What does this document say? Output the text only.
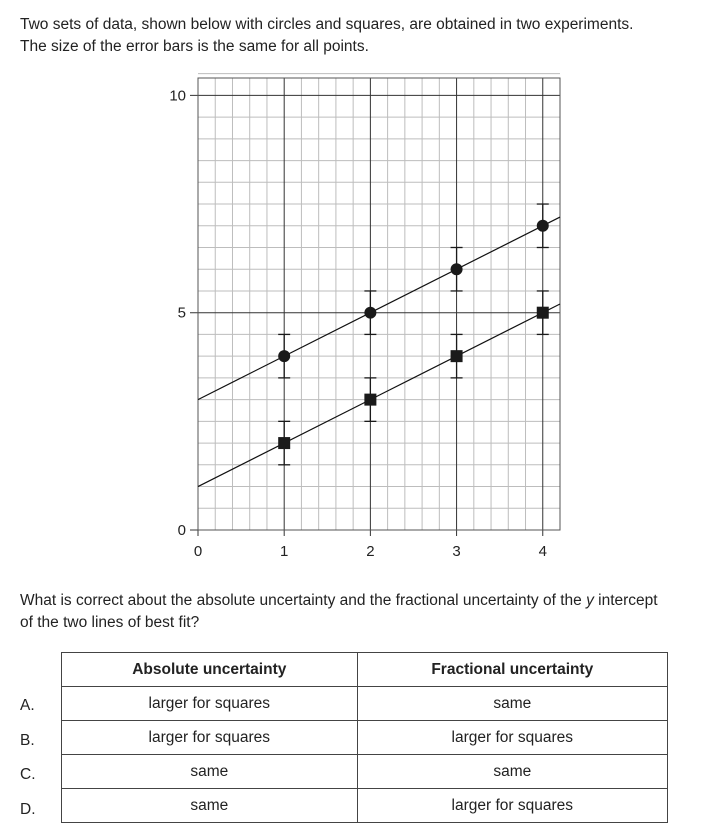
Two sets of data, shown below with circles and squares, are obtained in two experiments.

The size of the error bars is the same for all points.

0	1	2	3	4
0
5
10

What is correct about the absolute uncertainty and the fractional uncertainty of the y intercept

of the two lines of best fit?

A.
B.
C.
D.
Absolute uncertainty	Fractional uncertainty
larger for squares	same
larger for squares	larger for squares
same	same
same	larger for squares
